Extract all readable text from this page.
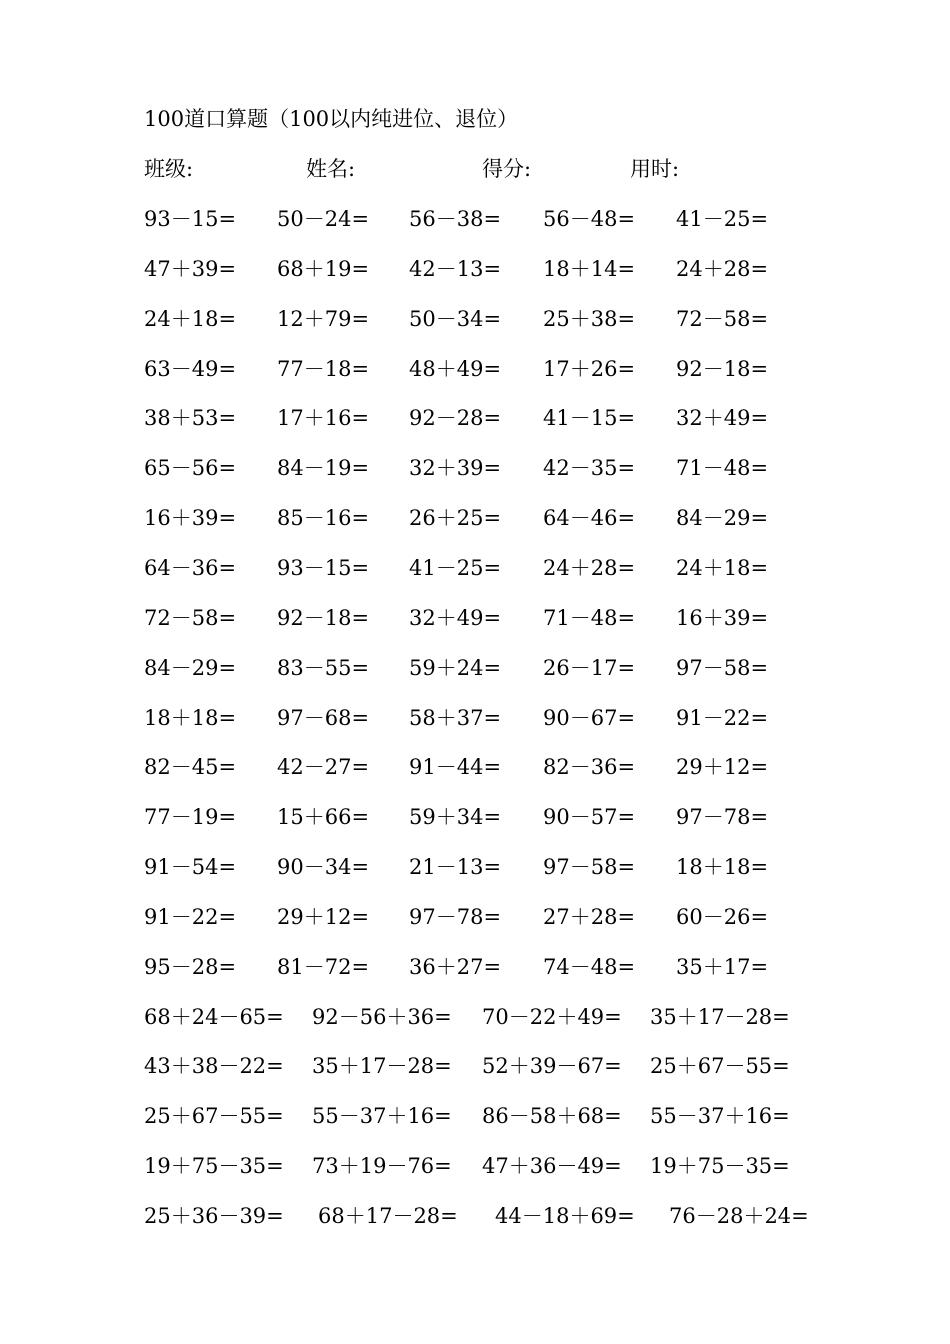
100道口算题（100以内纯进位、退位）
班级:	姓名:	得分:	用时:
93－15= 50－24= 56－38= 56－48= 41－25=
47＋39= 68＋19= 42－13= 18＋14= 24＋28=
24＋18= 12＋79= 50－34= 25＋38= 72－58=
63－49= 77－18= 48＋49= 17＋26= 92－18=
38＋53= 17＋16= 92－28= 41－15= 32＋49=
65－56= 84－19= 32＋39= 42－35= 71－48=
16＋39= 85－16= 26＋25= 64－46= 84－29=
64－36= 93－15= 41－25= 24＋28= 24＋18=
72－58= 92－18= 32＋49= 71－48= 16＋39=
84－29= 83－55= 59＋24= 26－17= 97－58=
18＋18= 97－68= 58＋37= 90－67= 91－22=
82－45= 42－27= 91－44= 82－36= 29＋12=
77－19= 15＋66= 59＋34= 90－57= 97－78=
91－54= 90－34= 21－13= 97－58= 18＋18=
91－22= 29＋12= 97－78= 27＋28= 60－26=
95－28= 81－72= 36＋27= 74－48= 35＋17=
68＋24－65= 92－56＋36= 70－22＋49= 35＋17－28=
43＋38－22= 35＋17－28= 52＋39－67= 25＋67－55=
25＋67－55= 55－37＋16= 86－58＋68= 55－37＋16=
19＋75－35= 73＋19－76= 47＋36－49= 19＋75－35=
25＋36－39= 68＋17－28= 44－18＋69= 76－28＋24=
